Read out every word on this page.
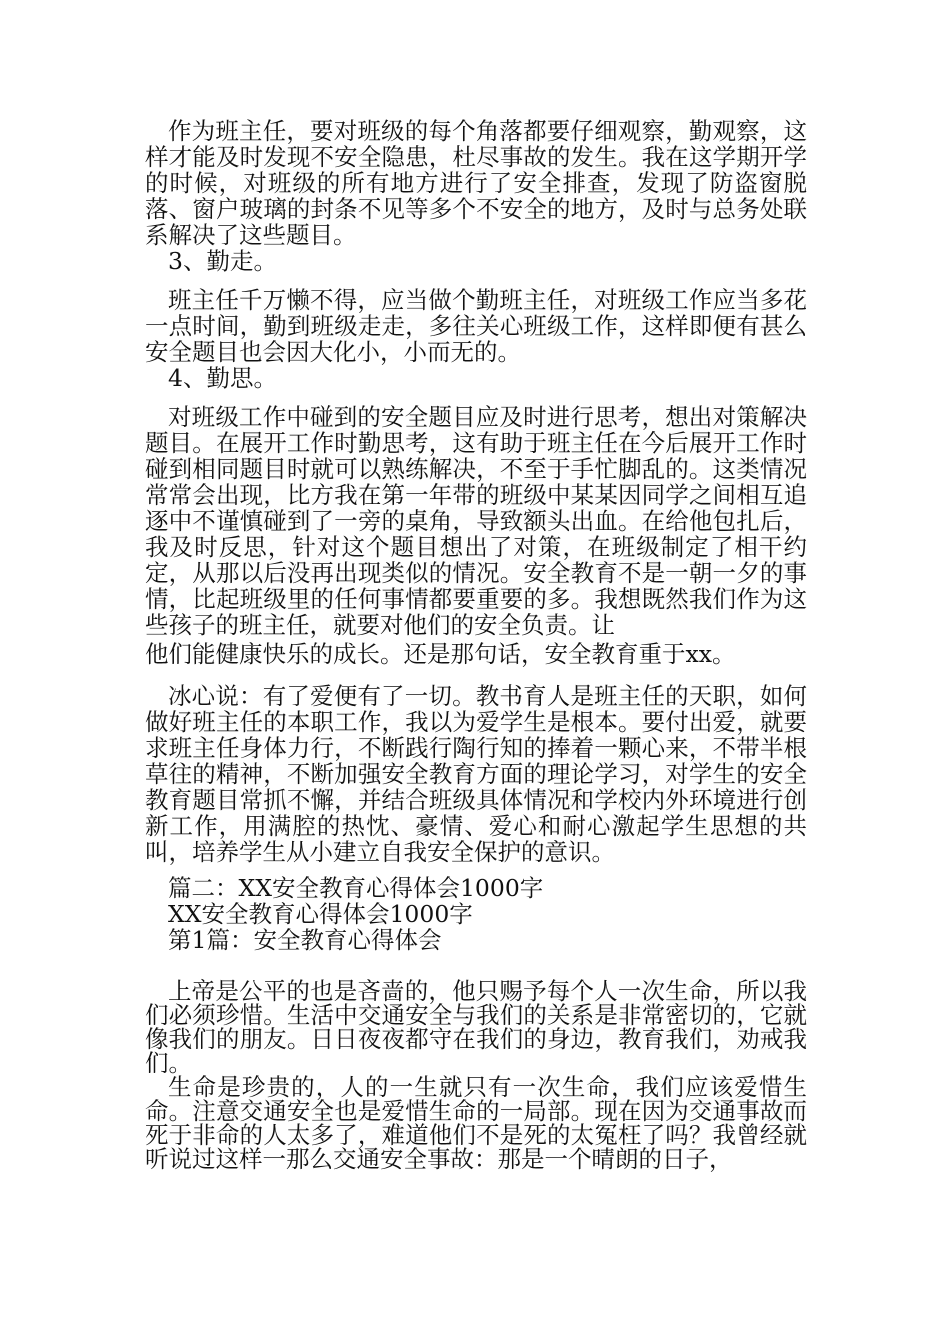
作为班主任，要对班级的每个角落都要仔细观察，勤观察，这样才能及时发现不安全隐患，杜尽事故的发生。我在这学期开学的时候，对班级的所有地方进行了安全排查，发现了防盗窗脱落、窗户玻璃的封条不见等多个不安全的地方，及时与总务处联系解决了这些题目。

3、勤走。

班主任千万懒不得，应当做个勤班主任，对班级工作应当多花一点时间，勤到班级走走，多往关心班级工作，这样即便有甚么安全题目也会因大化小，小而无的。

4、勤思。

对班级工作中碰到的安全题目应及时进行思考，想出对策解决题目。在展开工作时勤思考，这有助于班主任在今后展开工作时碰到相同题目时就可以熟练解决，不至于手忙脚乱的。这类情况常常会出现，比方我在第一年带的班级中某某因同学之间相互追逐中不谨慎碰到了一旁的桌角，导致额头出血。在给他包扎后，我及时反思，针对这个题目想出了对策，在班级制定了相干约定，从那以后没再出现类似的情况。安全教育不是一朝一夕的事情，比起班级里的任何事情都要重要的多。我想既然我们作为这些孩子的班主任，就要对他们的安全负责。让

他们能健康快乐的成长。还是那句话，安全教育重于xx。

冰心说：有了爱便有了一切。教书育人是班主任的天职，如何做好班主任的本职工作，我以为爱学生是根本。要付出爱，就要求班主任身体力行，不断践行陶行知的捧着一颗心来，不带半根草往的精神，不断加强安全教育方面的理论学习，对学生的安全教育题目常抓不懈，并结合班级具体情况和学校内外环境进行创新工作，用满腔的热忱、豪情、爱心和耐心激起学生思想的共叫，培养学生从小建立自我安全保护的意识。

篇二：XX安全教育心得体会1000字

XX安全教育心得体会1000字

第1篇：安全教育心得体会

上帝是公平的也是吝啬的，他只赐予每个人一次生命，所以我们必须珍惜。生活中交通安全与我们的关系是非常密切的，它就像我们的朋友。日日夜夜都守在我们的身边，教育我们，劝戒我们。

生命是珍贵的，人的一生就只有一次生命，我们应该爱惜生命。注意交通安全也是爱惜生命的一局部。现在因为交通事故而死于非命的人太多了，难道他们不是死的太冤枉了吗？我曾经就听说过这样一那么交通安全事故：那是一个晴朗的日子，
